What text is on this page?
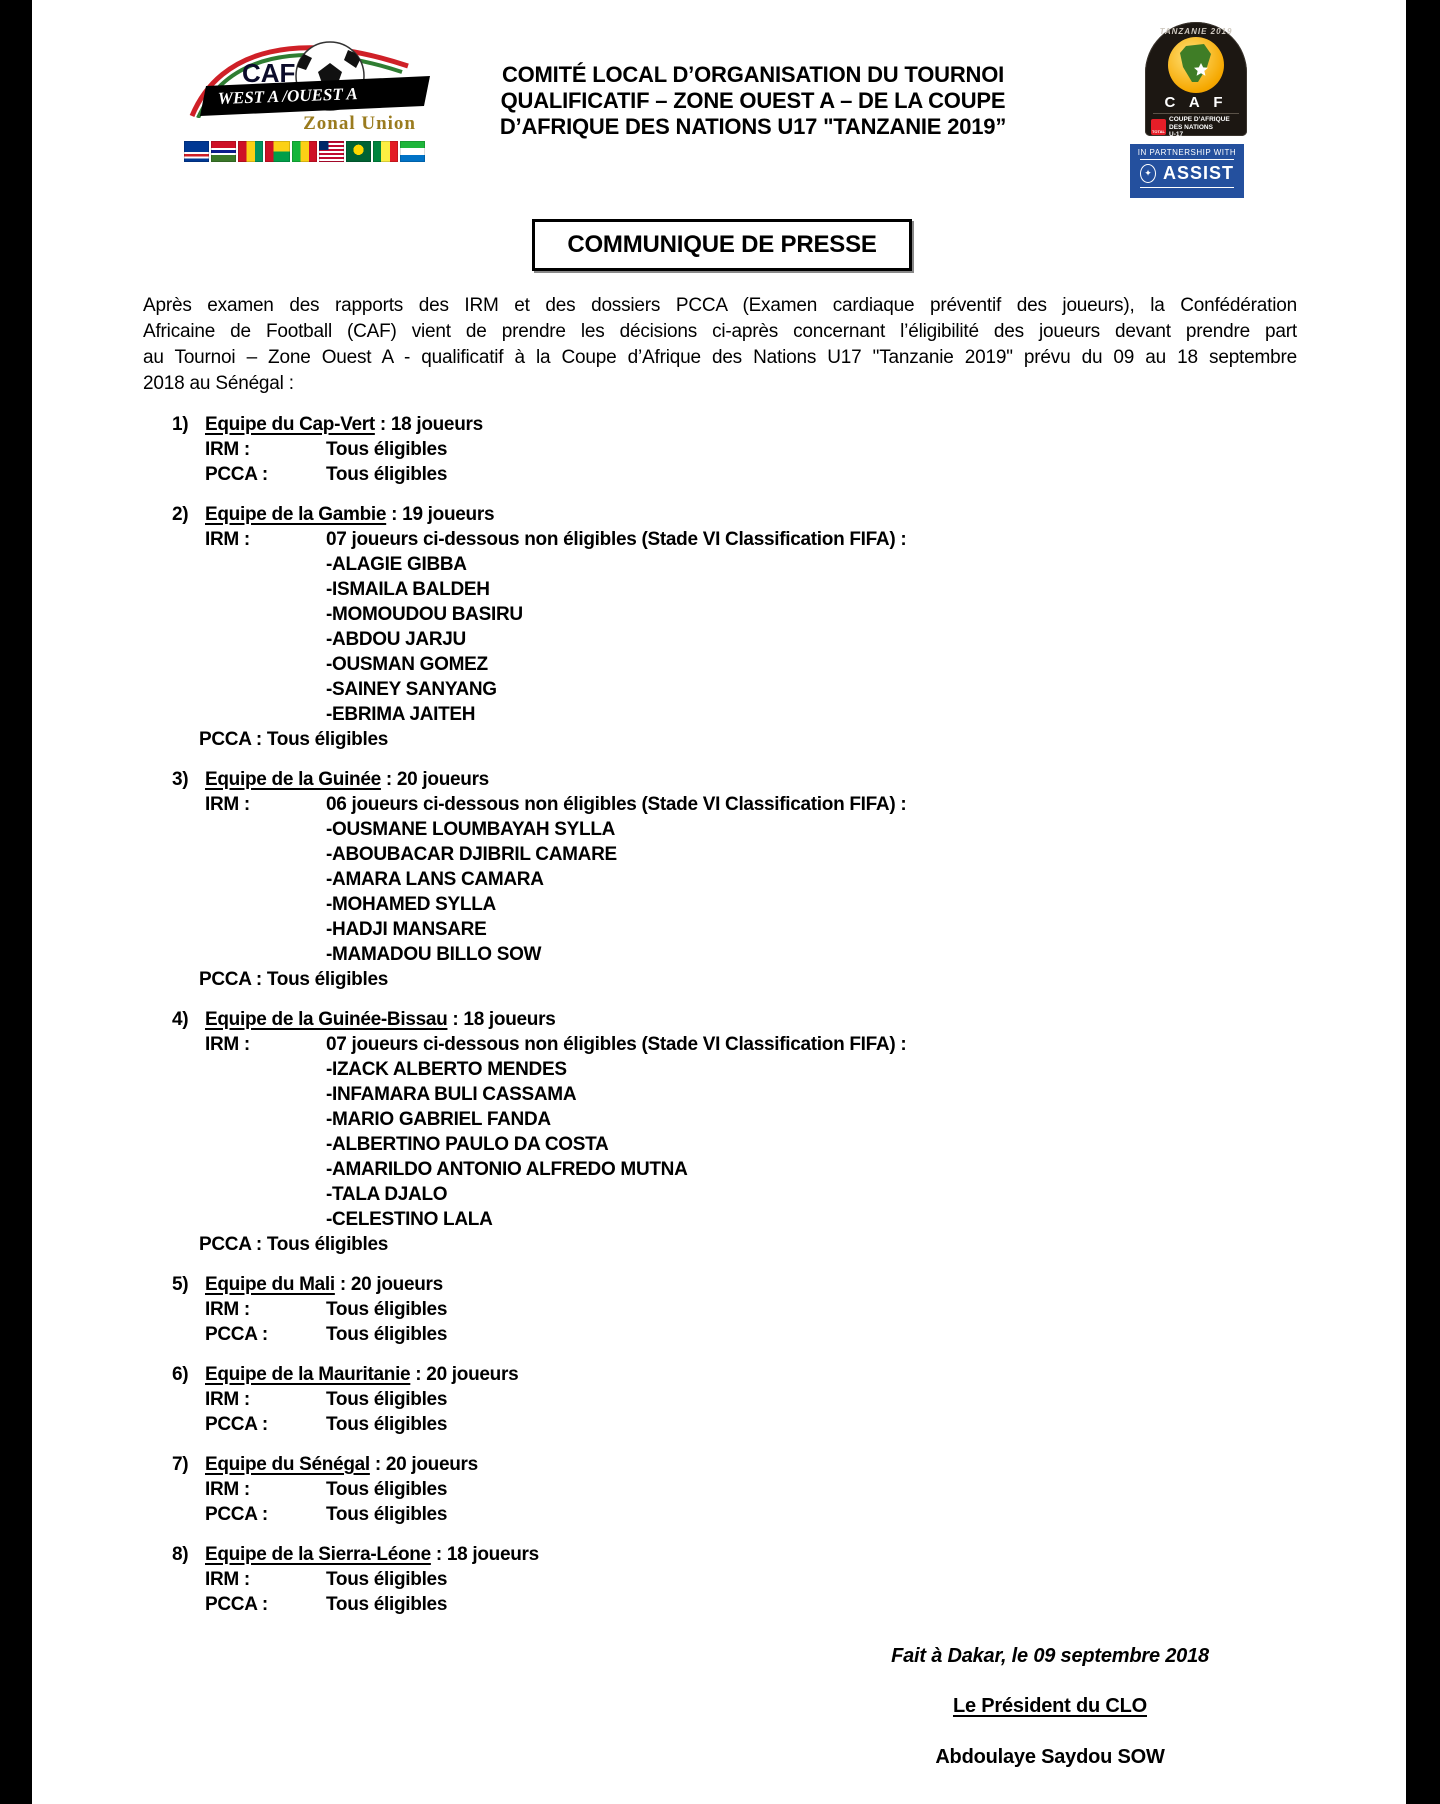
CAF
WEST A /OUEST A
Zonal Union
COMITÉ LOCAL D’ORGANISATION DU TOURNOI
QUALIFICATIF – ZONE OUEST A – DE LA COUPE
D’AFRIQUE DES NATIONS U17 "TANZANIE 2019”
TANZANIE 2019
C A F
TOTAL
COUPE D’AFRIQUE
DES NATIONS
U-17
IN PARTNERSHIP WITH
✦ ASSIST
COMMUNIQUE DE PRESSE
Après examen des rapports des IRM et des dossiers PCCA (Examen cardiaque préventif des joueurs), la Confédération
Africaine de Football (CAF) vient de prendre les décisions ci-après concernant l’éligibilité des joueurs devant prendre part
au Tournoi – Zone Ouest A - qualificatif à la Coupe d’Afrique des Nations U17 "Tanzanie 2019" prévu du 09 au 18 septembre
2018 au Sénégal :
1) Equipe du Cap-Vert : 18 joueurs
IRM :	Tous éligibles
PCCA :	Tous éligibles
2) Equipe de la Gambie : 19 joueurs
IRM :	07 joueurs ci-dessous non éligibles (Stade VI Classification FIFA) :
-ALAGIE GIBBA
-ISMAILA BALDEH
-MOMOUDOU BASIRU
-ABDOU JARJU
-OUSMAN GOMEZ
-SAINEY SANYANG
-EBRIMA JAITEH
PCCA : Tous éligibles
3) Equipe de la Guinée : 20 joueurs
IRM :	06 joueurs ci-dessous non éligibles (Stade VI Classification FIFA) :
-OUSMANE LOUMBAYAH SYLLA
-ABOUBACAR DJIBRIL CAMARE
-AMARA LANS CAMARA
-MOHAMED SYLLA
-HADJI MANSARE
-MAMADOU BILLO SOW
PCCA : Tous éligibles
4) Equipe de la Guinée-Bissau : 18 joueurs
IRM :	07 joueurs ci-dessous non éligibles (Stade VI Classification FIFA) :
-IZACK ALBERTO MENDES
-INFAMARA BULI CASSAMA
-MARIO GABRIEL FANDA
-ALBERTINO PAULO DA COSTA
-AMARILDO ANTONIO ALFREDO MUTNA
-TALA DJALO
-CELESTINO LALA
PCCA : Tous éligibles
5) Equipe du Mali : 20 joueurs
IRM :	Tous éligibles
PCCA :	Tous éligibles
6) Equipe de la Mauritanie : 20 joueurs
IRM :	Tous éligibles
PCCA :	Tous éligibles
7) Equipe du Sénégal : 20 joueurs
IRM :	Tous éligibles
PCCA :	Tous éligibles
8) Equipe de la Sierra-Léone : 18 joueurs
IRM :	Tous éligibles
PCCA :	Tous éligibles
Fait à Dakar, le 09 septembre 2018
Le Président du CLO
Abdoulaye Saydou SOW
